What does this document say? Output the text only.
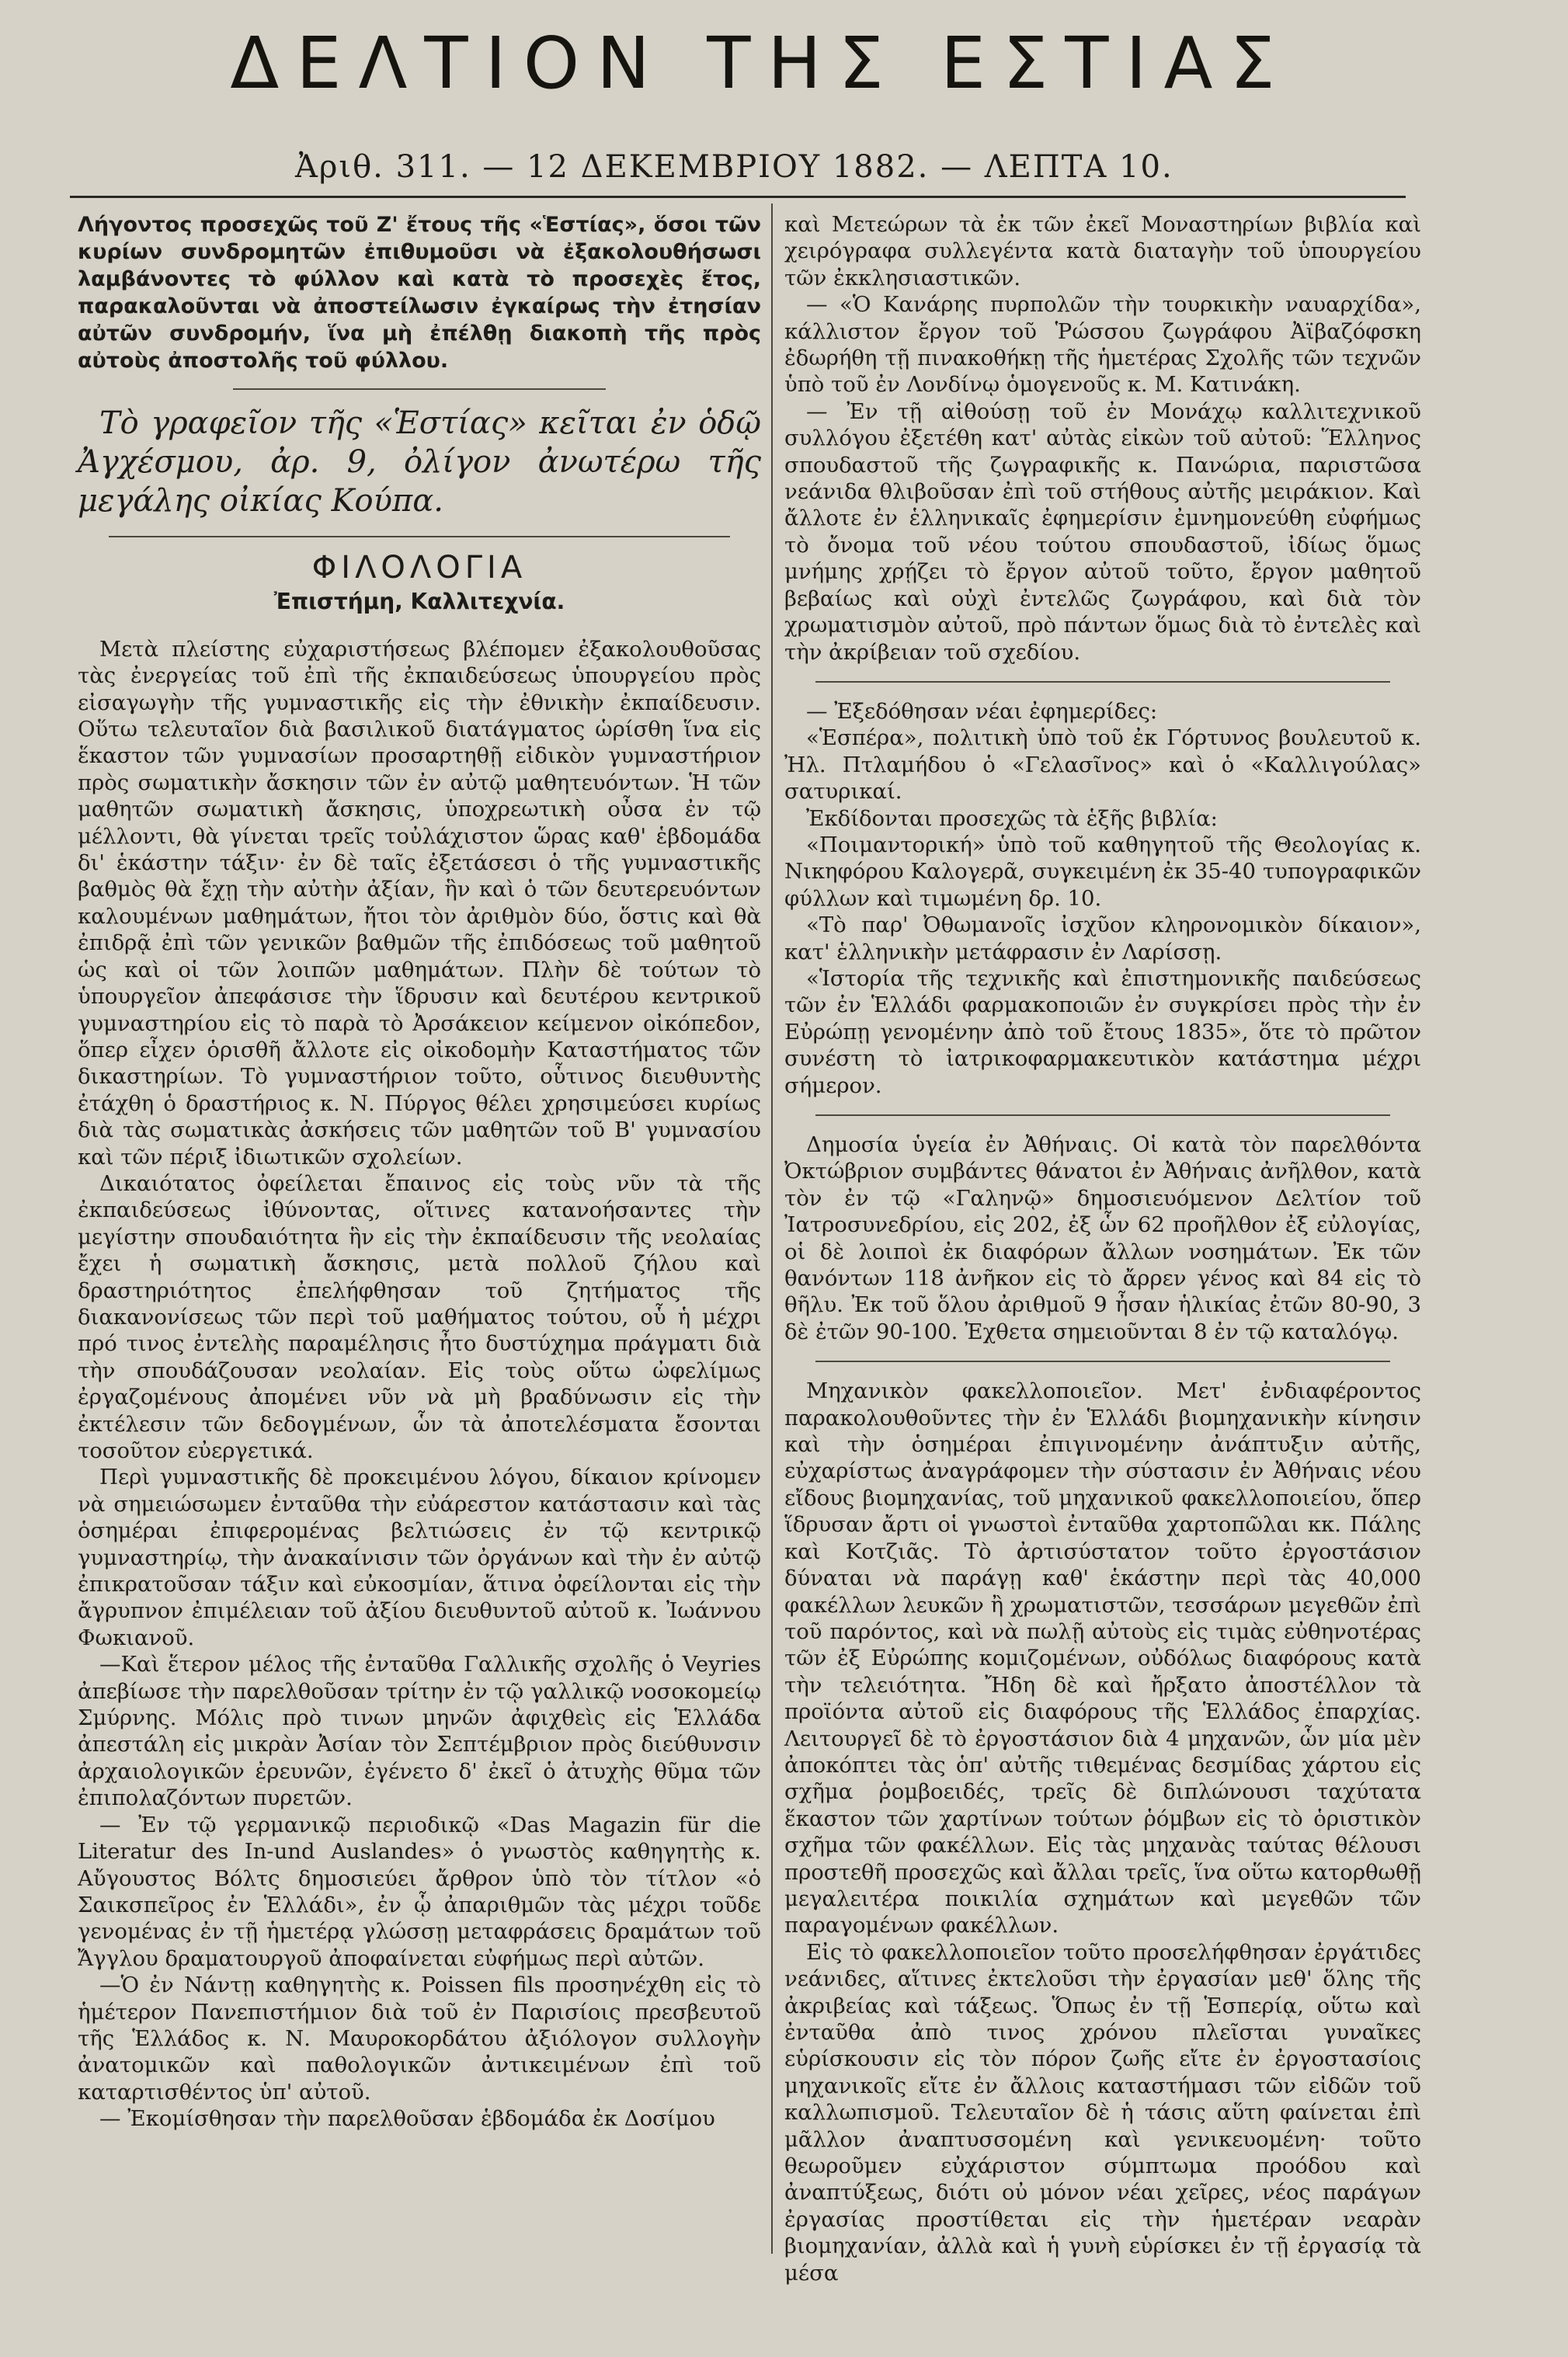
ΔΕΛΤΙΟΝ ΤΗΣ ΕΣΤΙΑΣ
Ἀριθ. 311. — 12 ΔΕΚΕΜΒΡΙΟΥ 1882. — ΛΕΠΤΑ 10.

Λήγοντος προσεχῶς τοῦ Ζ' ἔτους τῆς «Ἑστίας», ὅσοι τῶν κυρίων συνδρομητῶν ἐπιθυμοῦσι νὰ ἐξακολουθήσωσι λαμβάνοντες τὸ φύλλον καὶ κατὰ τὸ προσεχὲς ἔτος, παρακαλοῦνται νὰ ἀποστείλωσιν ἐγκαίρως τὴν ἐτησίαν αὐτῶν συνδρομήν, ἵνα μὴ ἐπέλθῃ διακοπὴ τῆς πρὸς αὐτοὺς ἀποστολῆς τοῦ φύλλου.

Τὸ γραφεῖον τῆς «Ἑστίας» κεῖται ἐν ὁδῷ Ἀγχέσμου, ἀρ. 9, ὀλίγον ἀνωτέρω τῆς μεγάλης οἰκίας Κούπα.

ΦΙΛΟΛΟΓΙΑ
Ἐπιστήμη, Καλλιτεχνία.

Μετὰ πλείστης εὐχαριστήσεως βλέπομεν ἐξακολουθοῦσας τὰς ἐνεργείας τοῦ ἐπὶ τῆς ἐκπαιδεύσεως ὑπουργείου πρὸς εἰσαγωγὴν τῆς γυμναστικῆς εἰς τὴν ἐθνικὴν ἐκπαίδευσιν. Οὕτω τελευταῖον διὰ βασιλικοῦ διατάγματος ὡρίσθη ἵνα εἰς ἕκαστον τῶν γυμνασίων προσαρτηθῇ εἰδικὸν γυμναστήριον πρὸς σωματικὴν ἄσκησιν τῶν ἐν αὐτῷ μαθητευόντων. Ἡ τῶν μαθητῶν σωματικὴ ἄσκησις, ὑποχρεωτικὴ οὖσα ἐν τῷ μέλλοντι, θὰ γίνεται τρεῖς τοὐλάχιστον ὥρας καθ' ἑβδομάδα δι' ἑκάστην τάξιν· ἐν δὲ ταῖς ἐξετάσεσι ὁ τῆς γυμναστικῆς βαθμὸς θὰ ἔχῃ τὴν αὐτὴν ἀξίαν, ἣν καὶ ὁ τῶν δευτερευόντων καλουμένων μαθημάτων, ἤτοι τὸν ἀριθμὸν δύο, ὅστις καὶ θὰ ἐπιδρᾷ ἐπὶ τῶν γενικῶν βαθμῶν τῆς ἐπιδόσεως τοῦ μαθητοῦ ὡς καὶ οἱ τῶν λοιπῶν μαθημάτων. Πλὴν δὲ τούτων τὸ ὑπουργεῖον ἀπεφάσισε τὴν ἵδρυσιν καὶ δευτέρου κεντρικοῦ γυμναστηρίου εἰς τὸ παρὰ τὸ Ἀρσάκειον κείμενον οἰκόπεδον, ὅπερ εἶχεν ὁρισθῆ ἄλλοτε εἰς οἰκοδομὴν Καταστήματος τῶν δικαστηρίων. Τὸ γυμναστήριον τοῦτο, οὗτινος διευθυντὴς ἐτάχθη ὁ δραστήριος κ. Ν. Πύργος θέλει χρησιμεύσει κυρίως διὰ τὰς σωματικὰς ἀσκήσεις τῶν μαθητῶν τοῦ Β' γυμνασίου καὶ τῶν πέριξ ἰδιωτικῶν σχολείων.

Δικαιότατος ὀφείλεται ἔπαινος εἰς τοὺς νῦν τὰ τῆς ἐκπαιδεύσεως ἰθύνοντας, οἵτινες κατανοήσαντες τὴν μεγίστην σπουδαιότητα ἣν εἰς τὴν ἐκπαίδευσιν τῆς νεολαίας ἔχει ἡ σωματικὴ ἄσκησις, μετὰ πολλοῦ ζήλου καὶ δραστηριότητος ἐπελήφθησαν τοῦ ζητήματος τῆς διακανονίσεως τῶν περὶ τοῦ μαθήματος τούτου, οὗ ἡ μέχρι πρό τινος ἐντελὴς παραμέλησις ἦτο δυστύχημα πράγματι διὰ τὴν σπουδάζουσαν νεολαίαν. Εἰς τοὺς οὕτω ὠφελίμως ἐργαζομένους ἀπομένει νῦν νὰ μὴ βραδύνωσιν εἰς τὴν ἐκτέλεσιν τῶν δεδογμένων, ὧν τὰ ἀποτελέσματα ἔσονται τοσοῦτον εὐεργετικά.

Περὶ γυμναστικῆς δὲ προκειμένου λόγου, δίκαιον κρίνομεν νὰ σημειώσωμεν ἐνταῦθα τὴν εὐάρεστον κατάστασιν καὶ τὰς ὁσημέραι ἐπιφερομένας βελτιώσεις ἐν τῷ κεντρικῷ γυμναστηρίῳ, τὴν ἀνακαίνισιν τῶν ὀργάνων καὶ τὴν ἐν αὐτῷ ἐπικρατοῦσαν τάξιν καὶ εὐκοσμίαν, ἅτινα ὀφείλονται εἰς τὴν ἄγρυπνον ἐπιμέλειαν τοῦ ἀξίου διευθυντοῦ αὐτοῦ κ. Ἰωάννου Φωκιανοῦ.

—Καὶ ἕτερον μέλος τῆς ἐνταῦθα Γαλλικῆς σχολῆς ὁ Veyries ἀπεβίωσε τὴν παρελθοῦσαν τρίτην ἐν τῷ γαλλικῷ νοσοκομείῳ Σμύρνης. Μόλις πρὸ τινων μηνῶν ἀφιχθεὶς εἰς Ἑλλάδα ἀπεστάλη εἰς μικρὰν Ἀσίαν τὸν Σεπτέμβριον πρὸς διεύθυνσιν ἀρχαιολογικῶν ἐρευνῶν, ἐγένετο δ' ἐκεῖ ὁ ἀτυχὴς θῦμα τῶν ἐπιπολαζόντων πυρετῶν.

— Ἐν τῷ γερμανικῷ περιοδικῷ «Das Magazin für die Literatur des In-und Auslandes» ὁ γνωστὸς καθηγητὴς κ. Αὔγουστος Βόλτς δημοσιεύει ἄρθρον ὑπὸ τὸν τίτλον «ὁ Σαικσπεῖρος ἐν Ἑλλάδι», ἐν ᾧ ἀπαριθμῶν τὰς μέχρι τοῦδε γενομένας ἐν τῇ ἡμετέρᾳ γλώσσῃ μεταφράσεις δραμάτων τοῦ Ἄγγλου δραματουργοῦ ἀποφαίνεται εὐφήμως περὶ αὐτῶν.

—Ὁ ἐν Νάντῃ καθηγητὴς κ. Poissen fils προσηνέχθη εἰς τὸ ἡμέτερον Πανεπιστήμιον διὰ τοῦ ἐν Παρισίοις πρεσβευτοῦ τῆς Ἑλλάδος κ. Ν. Μαυροκορδάτου ἀξιόλογον συλλογὴν ἀνατομικῶν καὶ παθολογικῶν ἀντικειμένων ἐπὶ τοῦ καταρτισθέντος ὑπ' αὐτοῦ.

— Ἐκομίσθησαν τὴν παρελθοῦσαν ἑβδομάδα ἐκ Δοσίμου

καὶ Μετεώρων τὰ ἐκ τῶν ἐκεῖ Μοναστηρίων βιβλία καὶ χειρόγραφα συλλεγέντα κατὰ διαταγὴν τοῦ ὑπουργείου τῶν ἐκκλησιαστικῶν.

— «Ὁ Κανάρης πυρπολῶν τὴν τουρκικὴν ναυαρχίδα», κάλλιστον ἔργον τοῦ Ῥώσσου ζωγράφου Ἀϊβαζόφσκη ἐδωρήθη τῇ πινακοθήκῃ τῆς ἡμετέρας Σχολῆς τῶν τεχνῶν ὑπὸ τοῦ ἐν Λονδίνῳ ὁμογενοῦς κ. Μ. Κατινάκη.

— Ἐν τῇ αἰθούσῃ τοῦ ἐν Μονάχῳ καλλιτεχνικοῦ συλλόγου ἐξετέθη κατ' αὐτὰς εἰκὼν τοῦ αὐτοῦ: Ἕλληνος σπουδαστοῦ τῆς ζωγραφικῆς κ. Πανώρια, παριστῶσα νεάνιδα θλιβοῦσαν ἐπὶ τοῦ στήθους αὐτῆς μειράκιον. Καὶ ἄλλοτε ἐν ἑλληνικαῖς ἐφημερίσιν ἐμνημονεύθη εὐφήμως τὸ ὄνομα τοῦ νέου τούτου σπουδαστοῦ, ἰδίως ὅμως μνήμης χρῄζει τὸ ἔργον αὐτοῦ τοῦτο, ἔργον μαθητοῦ βεβαίως καὶ οὐχὶ ἐντελῶς ζωγράφου, καὶ διὰ τὸν χρωματισμὸν αὐτοῦ, πρὸ πάντων ὅμως διὰ τὸ ἐντελὲς καὶ τὴν ἀκρίβειαν τοῦ σχεδίου.

— Ἐξεδόθησαν νέαι ἐφημερίδες:

«Ἑσπέρα», πολιτικὴ ὑπὸ τοῦ ἐκ Γόρτυνος βουλευτοῦ κ. Ἠλ. Πτλαμήδου ὁ «Γελασῖνος» καὶ ὁ «Καλλιγούλας» σατυρικαί.

Ἐκδίδονται προσεχῶς τὰ ἑξῆς βιβλία:

«Ποιμαντορική» ὑπὸ τοῦ καθηγητοῦ τῆς Θεολογίας κ. Νικηφόρου Καλογερᾶ, συγκειμένη ἐκ 35-40 τυπογραφικῶν φύλλων καὶ τιμωμένη δρ. 10.

«Τὸ παρ' Ὀθωμανοῖς ἰσχῦον κληρονομικὸν δίκαιον», κατ' ἑλληνικὴν μετάφρασιν ἐν Λαρίσσῃ.

«Ἱστορία τῆς τεχνικῆς καὶ ἐπιστημονικῆς παιδεύσεως τῶν ἐν Ἑλλάδι φαρμακοποιῶν ἐν συγκρίσει πρὸς τὴν ἐν Εὐρώπῃ γενομένην ἀπὸ τοῦ ἔτους 1835», ὅτε τὸ πρῶτον συνέστη τὸ ἰατρικοφαρμακευτικὸν κατάστημα μέχρι σήμερον.

Δημοσία ὑγεία ἐν Ἀθήναις. Οἱ κατὰ τὸν παρελθόντα Ὀκτώβριον συμβάντες θάνατοι ἐν Ἀθήναις ἀνῆλθον, κατὰ τὸν ἐν τῷ «Γαληνῷ» δημοσιευόμενον Δελτίον τοῦ Ἰατροσυνεδρίου, εἰς 202, ἐξ ὧν 62 προῆλθον ἐξ εὐλογίας, οἱ δὲ λοιποὶ ἐκ διαφόρων ἄλλων νοσημάτων. Ἐκ τῶν θανόντων 118 ἀνῆκον εἰς τὸ ἄρρεν γένος καὶ 84 εἰς τὸ θῆλυ. Ἐκ τοῦ ὅλου ἀριθμοῦ 9 ἦσαν ἡλικίας ἐτῶν 80-90, 3 δὲ ἐτῶν 90-100. Ἐχθετα σημειοῦνται 8 ἐν τῷ καταλόγῳ.

Μηχανικὸν φακελλοποιεῖον. Μετ' ἐνδιαφέροντος παρακολουθοῦντες τὴν ἐν Ἑλλάδι βιομηχανικὴν κίνησιν καὶ τὴν ὁσημέραι ἐπιγινομένην ἀνάπτυξιν αὐτῆς, εὐχαρίστως ἀναγράφομεν τὴν σύστασιν ἐν Ἀθήναις νέου εἴδους βιομηχανίας, τοῦ μηχανικοῦ φακελλοποιείου, ὅπερ ἵδρυσαν ἄρτι οἱ γνωστοὶ ἐνταῦθα χαρτοπῶλαι κκ. Πάλης καὶ Κοτζιᾶς. Τὸ ἀρτισύστατον τοῦτο ἐργοστάσιον δύναται νὰ παράγῃ καθ' ἑκάστην περὶ τὰς 40,000 φακέλλων λευκῶν ἢ χρωματιστῶν, τεσσάρων μεγεθῶν ἐπὶ τοῦ παρόντος, καὶ νὰ πωλῇ αὐτοὺς εἰς τιμὰς εὐθηνοτέρας τῶν ἐξ Εὐρώπης κομιζομένων, οὐδόλως διαφόρους κατὰ τὴν τελειότητα. Ἤδη δὲ καὶ ἤρξατο ἀποστέλλον τὰ προϊόντα αὐτοῦ εἰς διαφόρους τῆς Ἑλλάδος ἐπαρχίας. Λειτουργεῖ δὲ τὸ ἐργοστάσιον διὰ 4 μηχανῶν, ὧν μία μὲν ἀποκόπτει τὰς ὁπ' αὐτῆς τιθεμένας δεσμίδας χάρτου εἰς σχῆμα ῥομβοειδές, τρεῖς δὲ διπλώνουσι ταχύτατα ἕκαστον τῶν χαρτίνων τούτων ῥόμβων εἰς τὸ ὁριστικὸν σχῆμα τῶν φακέλλων. Εἰς τὰς μηχανὰς ταύτας θέλουσι προστεθῆ προσεχῶς καὶ ἄλλαι τρεῖς, ἵνα οὕτω κατορθωθῇ μεγαλειτέρα ποικιλία σχημάτων καὶ μεγεθῶν τῶν παραγομένων φακέλλων.

Εἰς τὸ φακελλοποιεῖον τοῦτο προσελήφθησαν ἐργάτιδες νεάνιδες, αἵτινες ἐκτελοῦσι τὴν ἐργασίαν μεθ' ὅλης τῆς ἀκριβείας καὶ τάξεως. Ὅπως ἐν τῇ Ἑσπερίᾳ, οὕτω καὶ ἐνταῦθα ἀπὸ τινος χρόνου πλεῖσται γυναῖκες εὑρίσκουσιν εἰς τὸν πόρον ζωῆς εἴτε ἐν ἐργοστασίοις μηχανικοῖς εἴτε ἐν ἄλλοις καταστήμασι τῶν εἰδῶν τοῦ καλλωπισμοῦ. Τελευταῖον δὲ ἡ τάσις αὕτη φαίνεται ἐπὶ μᾶλλον ἀναπτυσσομένη καὶ γενικευομένη· τοῦτο θεωροῦμεν εὐχάριστον σύμπτωμα προόδου καὶ ἀναπτύξεως, διότι οὐ μόνον νέαι χεῖρες, νέος παράγων ἐργασίας προστίθεται εἰς τὴν ἡμετέραν νεαρὰν βιομηχανίαν, ἀλλὰ καὶ ἡ γυνὴ εὑρίσκει ἐν τῇ ἐργασίᾳ τὰ μέσα
